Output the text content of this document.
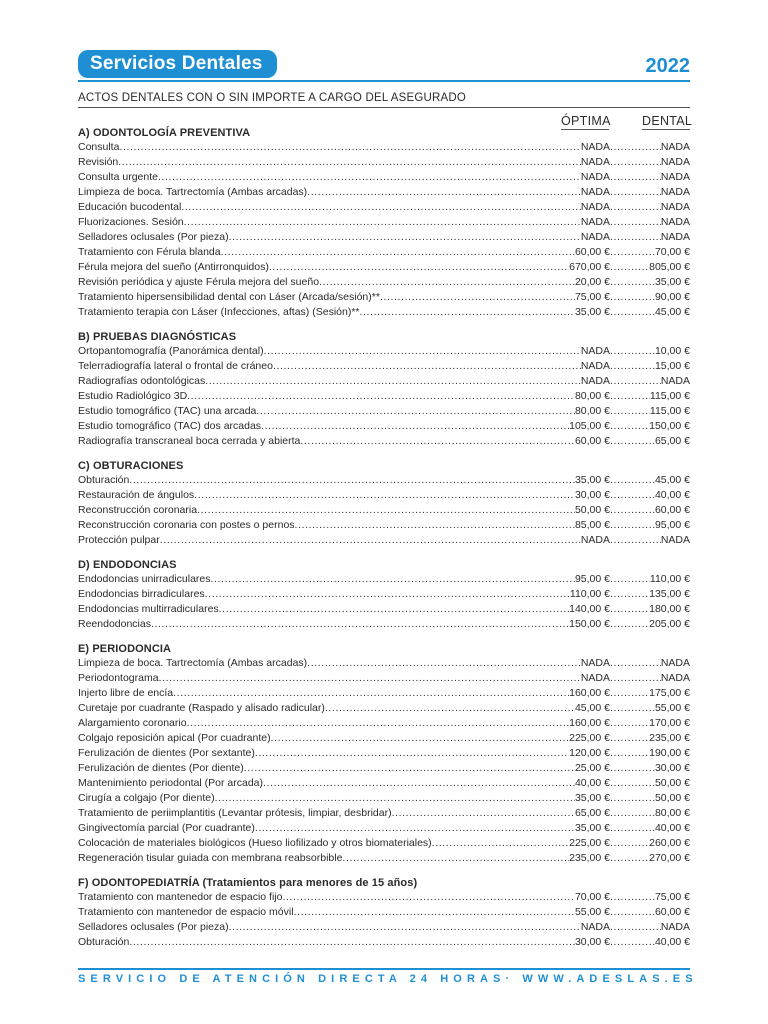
Servicios Dentales	2022
ACTOS DENTALES CON O SIN IMPORTE A CARGO DEL ASEGURADO
ÓPTIMA	DENTAL
A) ODONTOLOGÍA PREVENTIVA
Consulta .....	NADA .....	NADA
Revisión .....	NADA .....	NADA
Consulta urgente .....	NADA .....	NADA
Limpieza de boca. Tartrectomía (Ambas arcadas) .....	NADA .....	NADA
Educación bucodental .....	NADA .....	NADA
Fluorizaciones. Sesión .....	NADA .....	NADA
Selladores oclusales (Por pieza) .....	NADA .....	NADA
Tratamiento con Férula blanda .....	60,00 € .....	70,00 €
Férula mejora del sueño (Antirronquidos) .....	670,00 € .....	805,00 €
Revisión periódica y ajuste Férula mejora del sueño .....	20,00 € .....	35,00 €
Tratamiento hipersensibilidad dental con Láser (Arcada/sesión)** .....	75,00 € .....	90,00 €
Tratamiento terapia con Láser (Infecciones, aftas) (Sesión)** .....	35,00 € .....	45,00 €
B) PRUEBAS DIAGNÓSTICAS
Ortopantomografía (Panorámica dental) .....	NADA .....	10,00 €
Telerradiografía lateral o frontal de cráneo .....	NADA .....	15,00 €
Radiografías odontológicas .....	NADA .....	NADA
Estudio Radiológico 3D .....	80,00 € .....	115,00 €
Estudio tomográfico (TAC) una arcada .....	80,00 € .....	115,00 €
Estudio tomográfico (TAC) dos arcadas .....	105,00 € .....	150,00 €
Radiografía transcraneal boca cerrada y abierta .....	60,00 € .....	65,00 €
C) OBTURACIONES
Obturación .....	35,00 € .....	45,00 €
Restauración de ángulos .....	30,00 € .....	40,00 €
Reconstrucción coronaria .....	50,00 € .....	60,00 €
Reconstrucción coronaria con postes o pernos .....	85,00 € .....	95,00 €
Protección pulpar .....	NADA .....	NADA
D) ENDODONCIAS
Endodoncias unirradiculares .....	95,00 € .....	110,00 €
Endodoncias birradiculares .....	110,00 € .....	135,00 €
Endodoncias multirradiculares .....	140,00 € .....	180,00 €
Reendodoncias .....	150,00 € .....	205,00 €
E) PERIODONCIA
Limpieza de boca. Tartrectomía (Ambas arcadas) .....	NADA .....	NADA
Periodontograma .....	NADA .....	NADA
Injerto libre de encía .....	160,00 € .....	175,00 €
Curetaje por cuadrante (Raspado y alisado radicular) .....	45,00 € .....	55,00 €
Alargamiento coronario .....	160,00 € .....	170,00 €
Colgajo reposición apical (Por cuadrante) .....	225,00 € .....	235,00 €
Ferulización de dientes (Por sextante) .....	120,00 € .....	190,00 €
Ferulización de dientes (Por diente) .....	25,00 € .....	30,00 €
Mantenimiento periodontal (Por arcada) .....	40,00 € .....	50,00 €
Cirugía a colgajo (Por diente) .....	35,00 € .....	50,00 €
Tratamiento de periimplantitis (Levantar prótesis, limpiar, desbridar) .....	65,00 € .....	80,00 €
Gingivectomía parcial (Por cuadrante) .....	35,00 € .....	40,00 €
Colocación de materiales biológicos (Hueso liofilizado y otros biomateriales) .....	225,00 € .....	260,00 €
Regeneración tisular guiada con membrana reabsorbible .....	235,00 € .....	270,00 €
F) ODONTOPEDIATRÍA (Tratamientos para menores de 15 años)
Tratamiento con mantenedor de espacio fijo .....	70,00 € .....	75,00 €
Tratamiento con mantenedor de espacio móvil .....	55,00 € .....	60,00 €
Selladores oclusales (Por pieza) .....	NADA .....	NADA
Obturación .....	30,00 € .....	40,00 €
SERVICIO DE ATENCIÓN DIRECTA 24 HORAS· WWW.ADESLAS.ES
